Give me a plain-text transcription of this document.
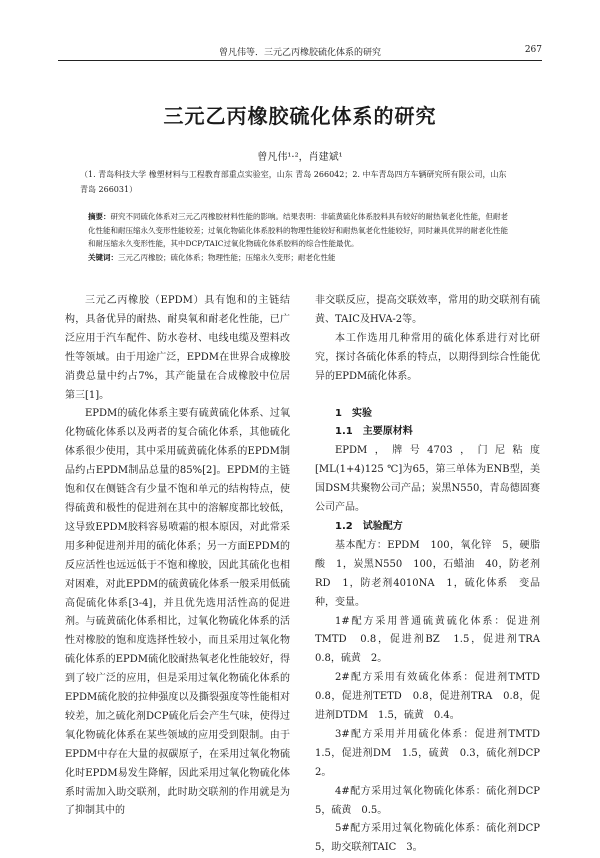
曾凡伟等．三元乙丙橡胶硫化体系的研究	267
三元乙丙橡胶硫化体系的研究
曾凡伟¹·²，肖建斌¹
（1. 青岛科技大学 橡塑材料与工程教育部重点实验室，山东 青岛 266042；2. 中车青岛四方车辆研究所有限公司，山东 青岛 266031）
摘要：研究不同硫化体系对三元乙丙橡胶材料性能的影响。结果表明：非硫黄硫化体系胶料具有较好的耐热氧老化性能，但耐老化性能和耐压缩永久变形性能较差；过氧化物硫化体系胶料的物理性能较好和耐热氧老化性能较好，同时兼具优异的耐老化性能和耐压缩永久变形性能，其中DCP/TAIC过氧化物硫化体系胶料的综合性能最优。
关键词：三元乙丙橡胶；硫化体系；物理性能；压缩永久变形；耐老化性能

三元乙丙橡胶（EPDM）具有饱和的主链结构，具备优异的耐热、耐臭氧和耐老化性能，已广泛应用于汽车配件、防水卷材、电线电缆及塑料改性等领域。由于用途广泛，EPDM在世界合成橡胶消费总量中约占7%，其产能量在合成橡胶中位居第三[1]。

EPDM的硫化体系主要有硫黄硫化体系、过氧化物硫化体系以及两者的复合硫化体系，其他硫化体系很少使用，其中采用硫黄硫化体系的EPDM制品约占EPDM制品总量的85%[2]。EPDM的主链饱和仅在侧链含有少量不饱和单元的结构特点，使得硫黄和极性的促进剂在其中的溶解度都比较低，这导致EPDM胶料容易喷霜的根本原因，对此常采用多种促进剂并用的硫化体系；另一方面EPDM的反应活性也远远低于不饱和橡胶，因此其硫化也相对困难，对此EPDM的硫黄硫化体系一般采用低硫高促硫化体系[3-4]，并且优先选用活性高的促进剂。与硫黄硫化体系相比，过氧化物硫化体系的活性对橡胶的饱和度选择性较小，而且采用过氧化物硫化体系的EPDM硫化胶耐热氧老化性能较好，得到了较广泛的应用，但是采用过氧化物硫化体系的EPDM硫化胶的拉伸强度以及撕裂强度等性能相对较差，加之硫化剂DCP硫化后会产生气味，使得过氧化物硫化体系在某些领域的应用受到限制。由于EPDM中存在大量的叔碳原子，在采用过氧化物硫化时EPDM易发生降解，因此采用过氧化物硫化体系时需加入助交联剂，此时助交联剂的作用就是为了抑制其中的

非交联反应，提高交联效率，常用的助交联剂有硫黄、TAIC及HVA-2等。

本工作选用几种常用的硫化体系进行对比研究，探讨各硫化体系的特点，以期得到综合性能优异的EPDM硫化体系。

1　实验

1.1　主要原材料

EPDM，牌号4703，门尼粘度[ML(1+4)125 ℃]为65，第三单体为ENB型，美国DSM共聚物公司产品；炭黑N550，青岛德固赛公司产品。

1.2　试验配方

基本配方：EPDM　100，氧化锌　5，硬脂酸　1，炭黑N550　100，石蜡油　40，防老剂RD　1，防老剂4010NA　1，硫化体系　变品种，变量。

1#配方采用普通硫黄硫化体系：促进剂TMTD　0.8，促进剂BZ　1.5，促进剂TRA　0.8，硫黄　2。

2#配方采用有效硫化体系：促进剂TMTD　0.8，促进剂TETD　0.8，促进剂TRA　0.8，促进剂DTDM　1.5，硫黄　0.4。

3#配方采用并用硫化体系：促进剂TMTD　1.5，促进剂DM　1.5，硫黄　0.3，硫化剂DCP　2。

4#配方采用过氧化物硫化体系：硫化剂DCP　5，硫黄　0.5。

5#配方采用过氧化物硫化体系：硫化剂DCP　5，助交联剂TAIC　3。
